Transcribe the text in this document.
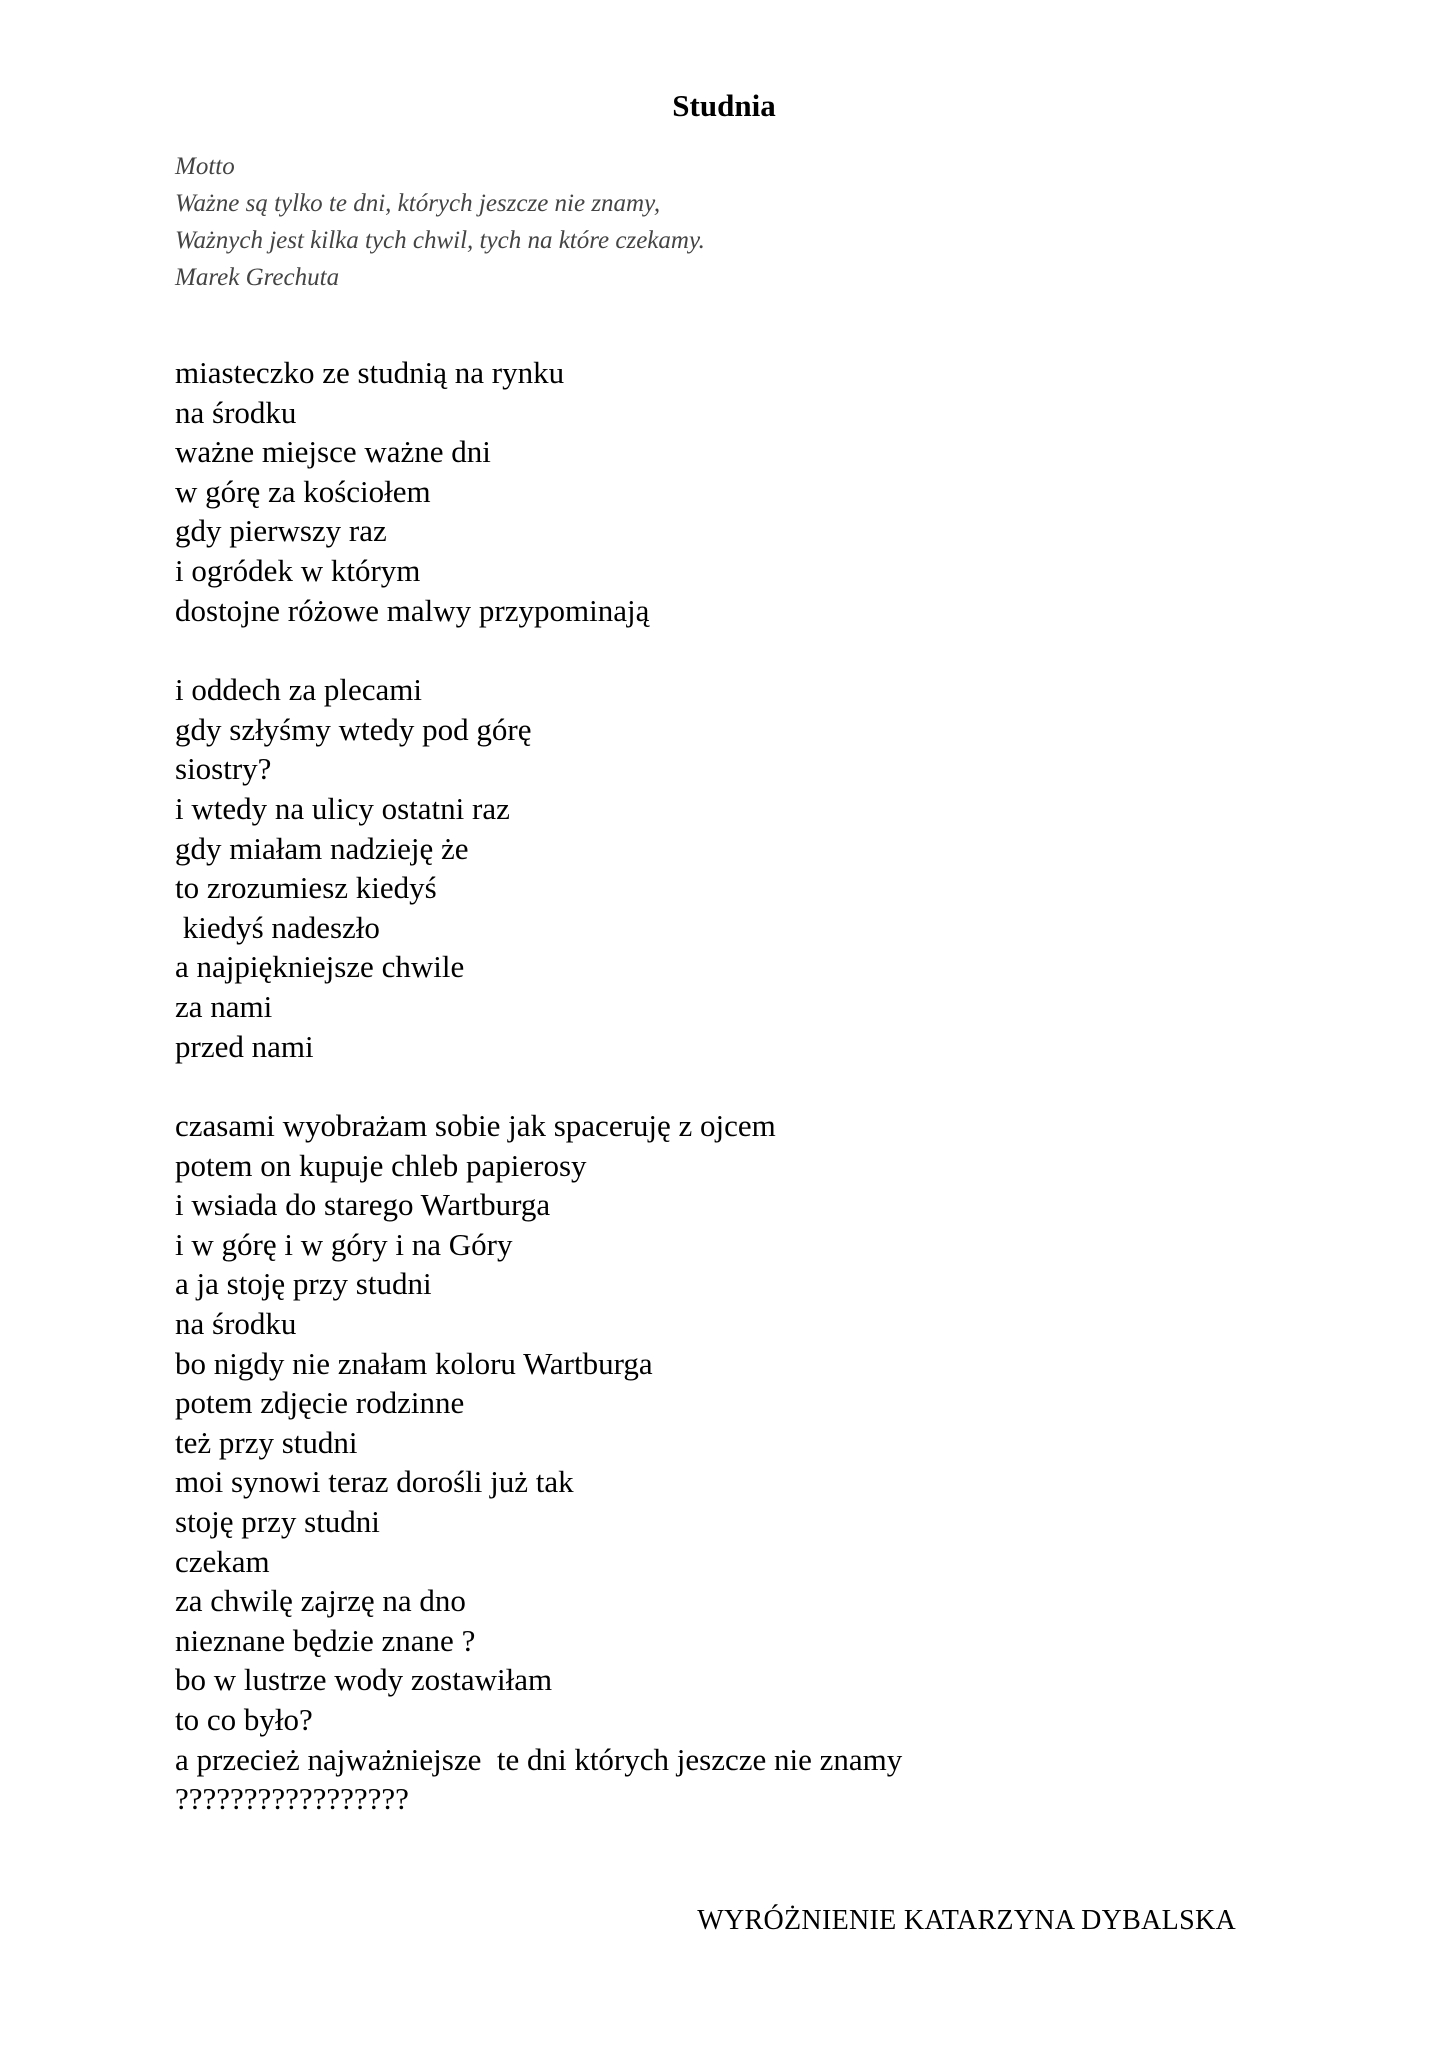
Studnia
Motto
Ważne są tylko te dni, których jeszcze nie znamy,
Ważnych jest kilka tych chwil, tych na które czekamy.
Marek Grechuta
miasteczko ze studnią na rynku
na środku
ważne miejsce ważne dni
w górę za kościołem
gdy pierwszy raz
i ogródek w którym
dostojne różowe malwy przypominają
i oddech za plecami
gdy szłyśmy wtedy pod górę
siostry?
i wtedy na ulicy ostatni raz
gdy miałam nadzieję że
to zrozumiesz kiedyś
kiedyś nadeszło
a najpiękniejsze chwile
za nami
przed nami
czasami wyobrażam sobie jak spaceruję z ojcem
potem on kupuje chleb papierosy
i wsiada do starego Wartburga
i w górę i w góry i na Góry
a ja stoję przy studni
na środku
bo nigdy nie znałam koloru Wartburga
potem zdjęcie rodzinne
też przy studni
moi synowi teraz dorośli już tak
stoję przy studni
czekam
za chwilę zajrzę na dno
nieznane będzie znane ?
bo w lustrze wody zostawiłam
to co było?
a przecież najważniejsze  te dni których jeszcze nie znamy
?????????????????
WYRÓŻNIENIE KATARZYNA DYBALSKA
